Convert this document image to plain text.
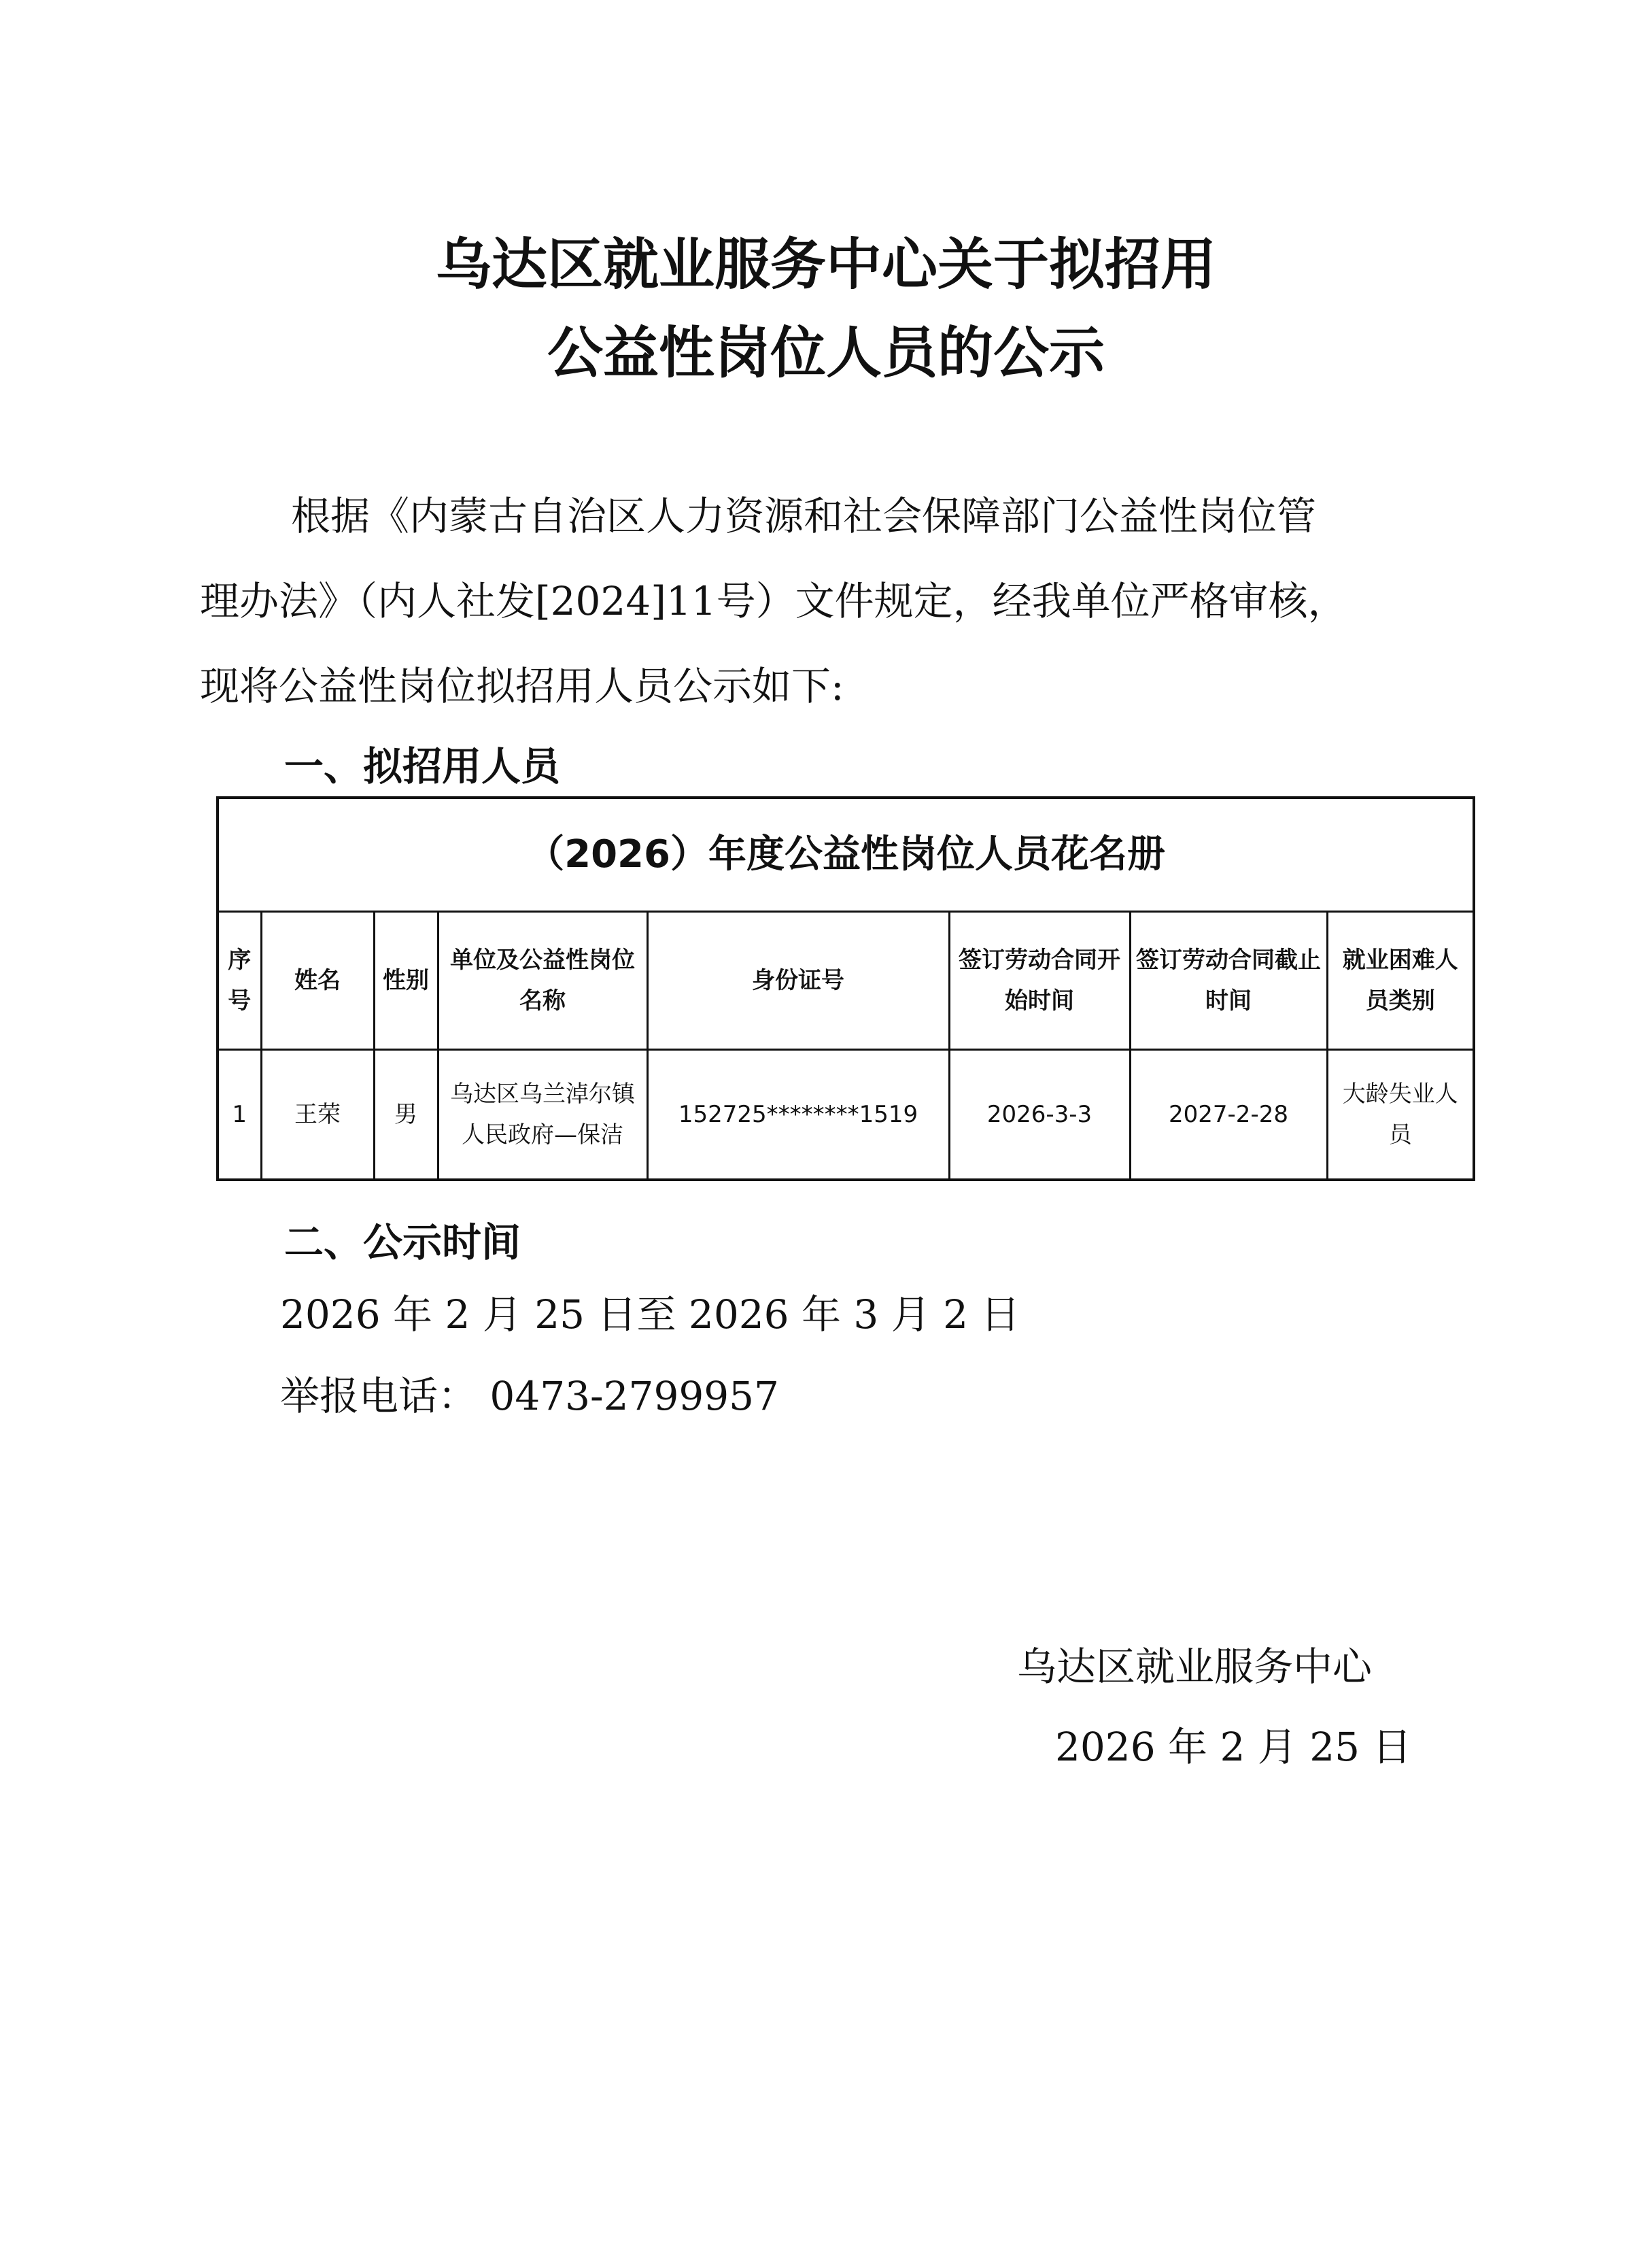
乌达区就业服务中心关于拟招用
公益性岗位人员的公示
根据《内蒙古自治区人力资源和社会保障部门公益性岗位管
理办法》（内人社发[2024]11号）文件规定，经我单位严格审核，
现将公益性岗位拟招用人员公示如下:
一、拟招用人员
（2026）年度公益性岗位人员花名册							
序号	姓名	性别	单位及公益性岗位名称	身份证号	签订劳动合同开始时间	签订劳动合同截止时间	就业困难人员类别
1	王荣	男	乌达区乌兰淖尔镇人民政府—保洁	152725********1519	2026-3-3	2027-2-28	大龄失业人员
二、公示时间
2026 年 2 月 25 日至 2026 年 3 月 2 日
举报电话： 0473-2799957
乌达区就业服务中心
2026 年 2 月 25 日
